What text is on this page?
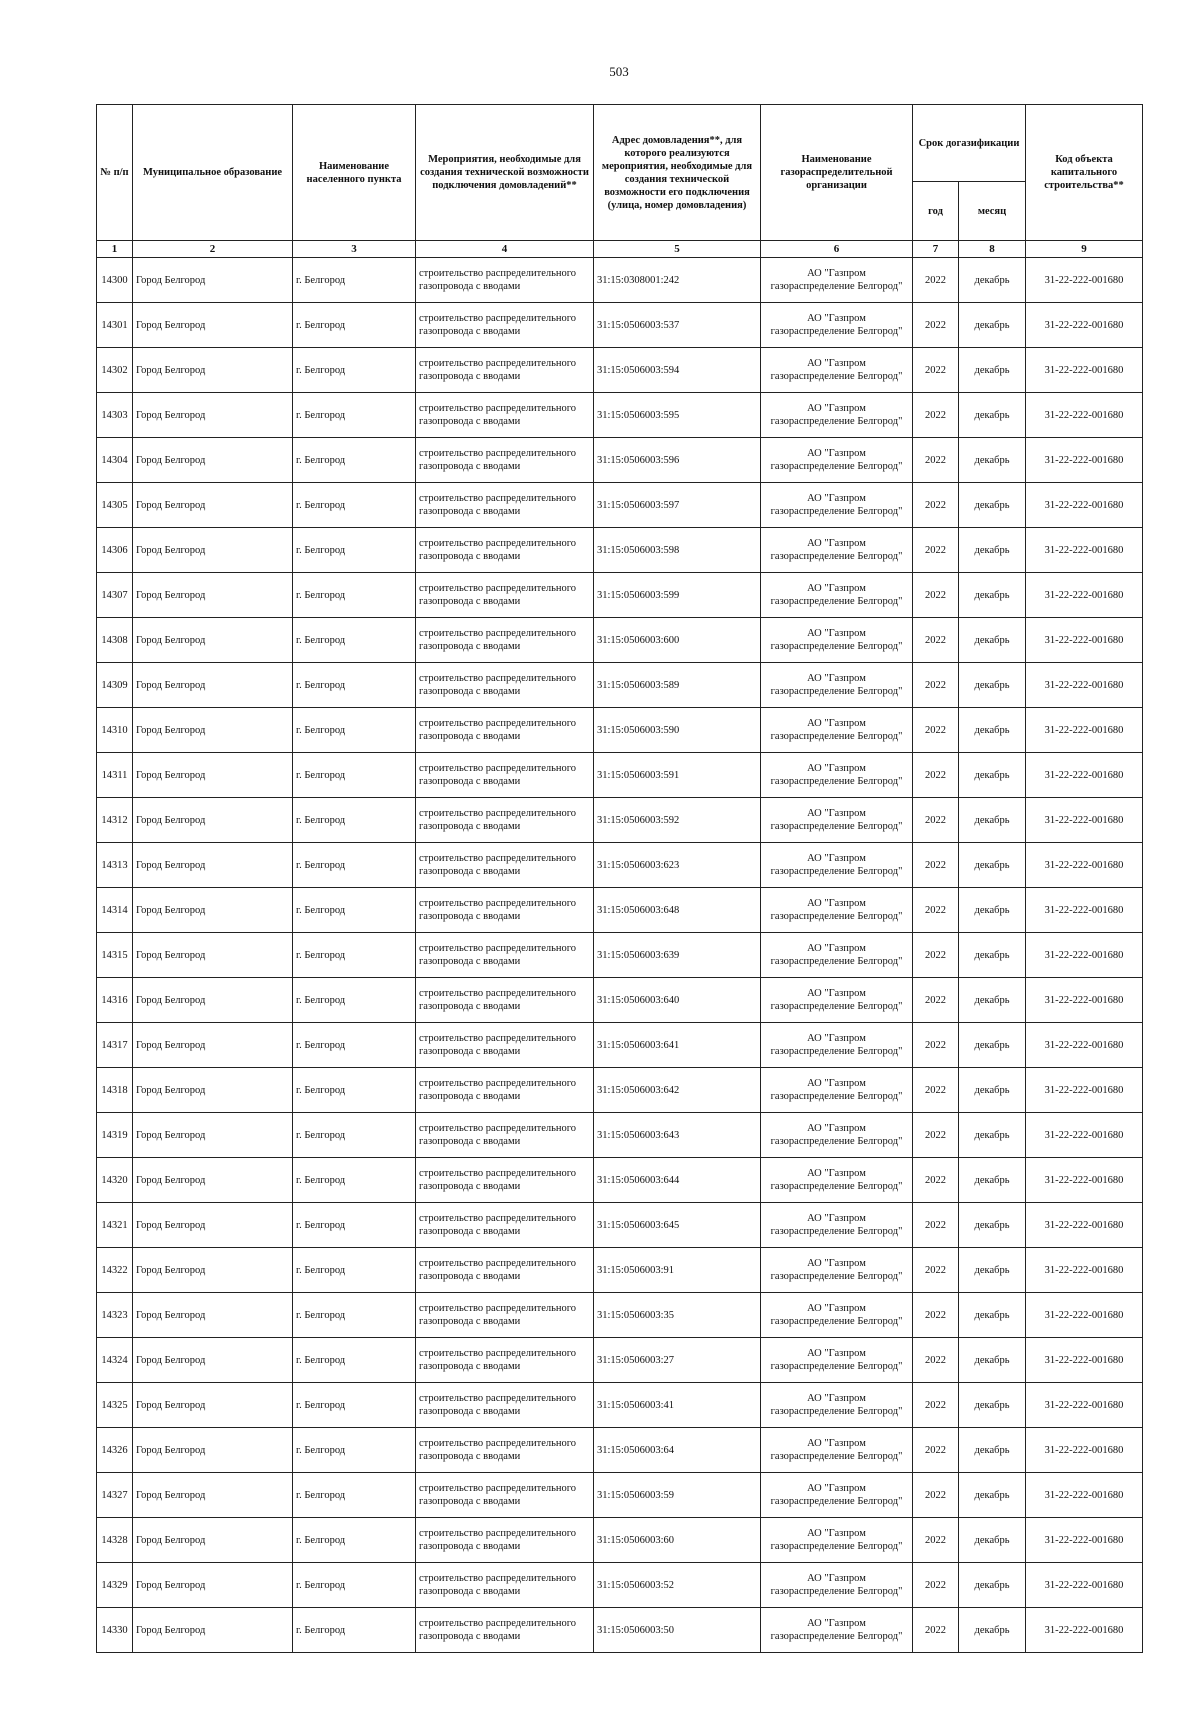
503
№ п/п	Муниципальное образование	Наименование населенного пункта	Мероприятия, необходимые для создания технической возможности подключения домовладений**	Адрес домовладения**, для которого реализуются мероприятия, необходимые для создания технической возможности его подключения (улица, номер домовладения)	Наименование газораспределительной организации	Срок догазификации		Код объекта капитального строительства**
						год	месяц	
1	2	3	4	5	6	7	8	9
14300	Город Белгород	г. Белгород	строительство распределительного газопровода с вводами	31:15:0308001:242	АО "Газпром газораспределение Белгород"	2022	декабрь	31-22-222-001680
14301	Город Белгород	г. Белгород	строительство распределительного газопровода с вводами	31:15:0506003:537	АО "Газпром газораспределение Белгород"	2022	декабрь	31-22-222-001680
14302	Город Белгород	г. Белгород	строительство распределительного газопровода с вводами	31:15:0506003:594	АО "Газпром газораспределение Белгород"	2022	декабрь	31-22-222-001680
14303	Город Белгород	г. Белгород	строительство распределительного газопровода с вводами	31:15:0506003:595	АО "Газпром газораспределение Белгород"	2022	декабрь	31-22-222-001680
14304	Город Белгород	г. Белгород	строительство распределительного газопровода с вводами	31:15:0506003:596	АО "Газпром газораспределение Белгород"	2022	декабрь	31-22-222-001680
14305	Город Белгород	г. Белгород	строительство распределительного газопровода с вводами	31:15:0506003:597	АО "Газпром газораспределение Белгород"	2022	декабрь	31-22-222-001680
14306	Город Белгород	г. Белгород	строительство распределительного газопровода с вводами	31:15:0506003:598	АО "Газпром газораспределение Белгород"	2022	декабрь	31-22-222-001680
14307	Город Белгород	г. Белгород	строительство распределительного газопровода с вводами	31:15:0506003:599	АО "Газпром газораспределение Белгород"	2022	декабрь	31-22-222-001680
14308	Город Белгород	г. Белгород	строительство распределительного газопровода с вводами	31:15:0506003:600	АО "Газпром газораспределение Белгород"	2022	декабрь	31-22-222-001680
14309	Город Белгород	г. Белгород	строительство распределительного газопровода с вводами	31:15:0506003:589	АО "Газпром газораспределение Белгород"	2022	декабрь	31-22-222-001680
14310	Город Белгород	г. Белгород	строительство распределительного газопровода с вводами	31:15:0506003:590	АО "Газпром газораспределение Белгород"	2022	декабрь	31-22-222-001680
14311	Город Белгород	г. Белгород	строительство распределительного газопровода с вводами	31:15:0506003:591	АО "Газпром газораспределение Белгород"	2022	декабрь	31-22-222-001680
14312	Город Белгород	г. Белгород	строительство распределительного газопровода с вводами	31:15:0506003:592	АО "Газпром газораспределение Белгород"	2022	декабрь	31-22-222-001680
14313	Город Белгород	г. Белгород	строительство распределительного газопровода с вводами	31:15:0506003:623	АО "Газпром газораспределение Белгород"	2022	декабрь	31-22-222-001680
14314	Город Белгород	г. Белгород	строительство распределительного газопровода с вводами	31:15:0506003:648	АО "Газпром газораспределение Белгород"	2022	декабрь	31-22-222-001680
14315	Город Белгород	г. Белгород	строительство распределительного газопровода с вводами	31:15:0506003:639	АО "Газпром газораспределение Белгород"	2022	декабрь	31-22-222-001680
14316	Город Белгород	г. Белгород	строительство распределительного газопровода с вводами	31:15:0506003:640	АО "Газпром газораспределение Белгород"	2022	декабрь	31-22-222-001680
14317	Город Белгород	г. Белгород	строительство распределительного газопровода с вводами	31:15:0506003:641	АО "Газпром газораспределение Белгород"	2022	декабрь	31-22-222-001680
14318	Город Белгород	г. Белгород	строительство распределительного газопровода с вводами	31:15:0506003:642	АО "Газпром газораспределение Белгород"	2022	декабрь	31-22-222-001680
14319	Город Белгород	г. Белгород	строительство распределительного газопровода с вводами	31:15:0506003:643	АО "Газпром газораспределение Белгород"	2022	декабрь	31-22-222-001680
14320	Город Белгород	г. Белгород	строительство распределительного газопровода с вводами	31:15:0506003:644	АО "Газпром газораспределение Белгород"	2022	декабрь	31-22-222-001680
14321	Город Белгород	г. Белгород	строительство распределительного газопровода с вводами	31:15:0506003:645	АО "Газпром газораспределение Белгород"	2022	декабрь	31-22-222-001680
14322	Город Белгород	г. Белгород	строительство распределительного газопровода с вводами	31:15:0506003:91	АО "Газпром газораспределение Белгород"	2022	декабрь	31-22-222-001680
14323	Город Белгород	г. Белгород	строительство распределительного газопровода с вводами	31:15:0506003:35	АО "Газпром газораспределение Белгород"	2022	декабрь	31-22-222-001680
14324	Город Белгород	г. Белгород	строительство распределительного газопровода с вводами	31:15:0506003:27	АО "Газпром газораспределение Белгород"	2022	декабрь	31-22-222-001680
14325	Город Белгород	г. Белгород	строительство распределительного газопровода с вводами	31:15:0506003:41	АО "Газпром газораспределение Белгород"	2022	декабрь	31-22-222-001680
14326	Город Белгород	г. Белгород	строительство распределительного газопровода с вводами	31:15:0506003:64	АО "Газпром газораспределение Белгород"	2022	декабрь	31-22-222-001680
14327	Город Белгород	г. Белгород	строительство распределительного газопровода с вводами	31:15:0506003:59	АО "Газпром газораспределение Белгород"	2022	декабрь	31-22-222-001680
14328	Город Белгород	г. Белгород	строительство распределительного газопровода с вводами	31:15:0506003:60	АО "Газпром газораспределение Белгород"	2022	декабрь	31-22-222-001680
14329	Город Белгород	г. Белгород	строительство распределительного газопровода с вводами	31:15:0506003:52	АО "Газпром газораспределение Белгород"	2022	декабрь	31-22-222-001680
14330	Город Белгород	г. Белгород	строительство распределительного газопровода с вводами	31:15:0506003:50	АО "Газпром газораспределение Белгород"	2022	декабрь	31-22-222-001680
